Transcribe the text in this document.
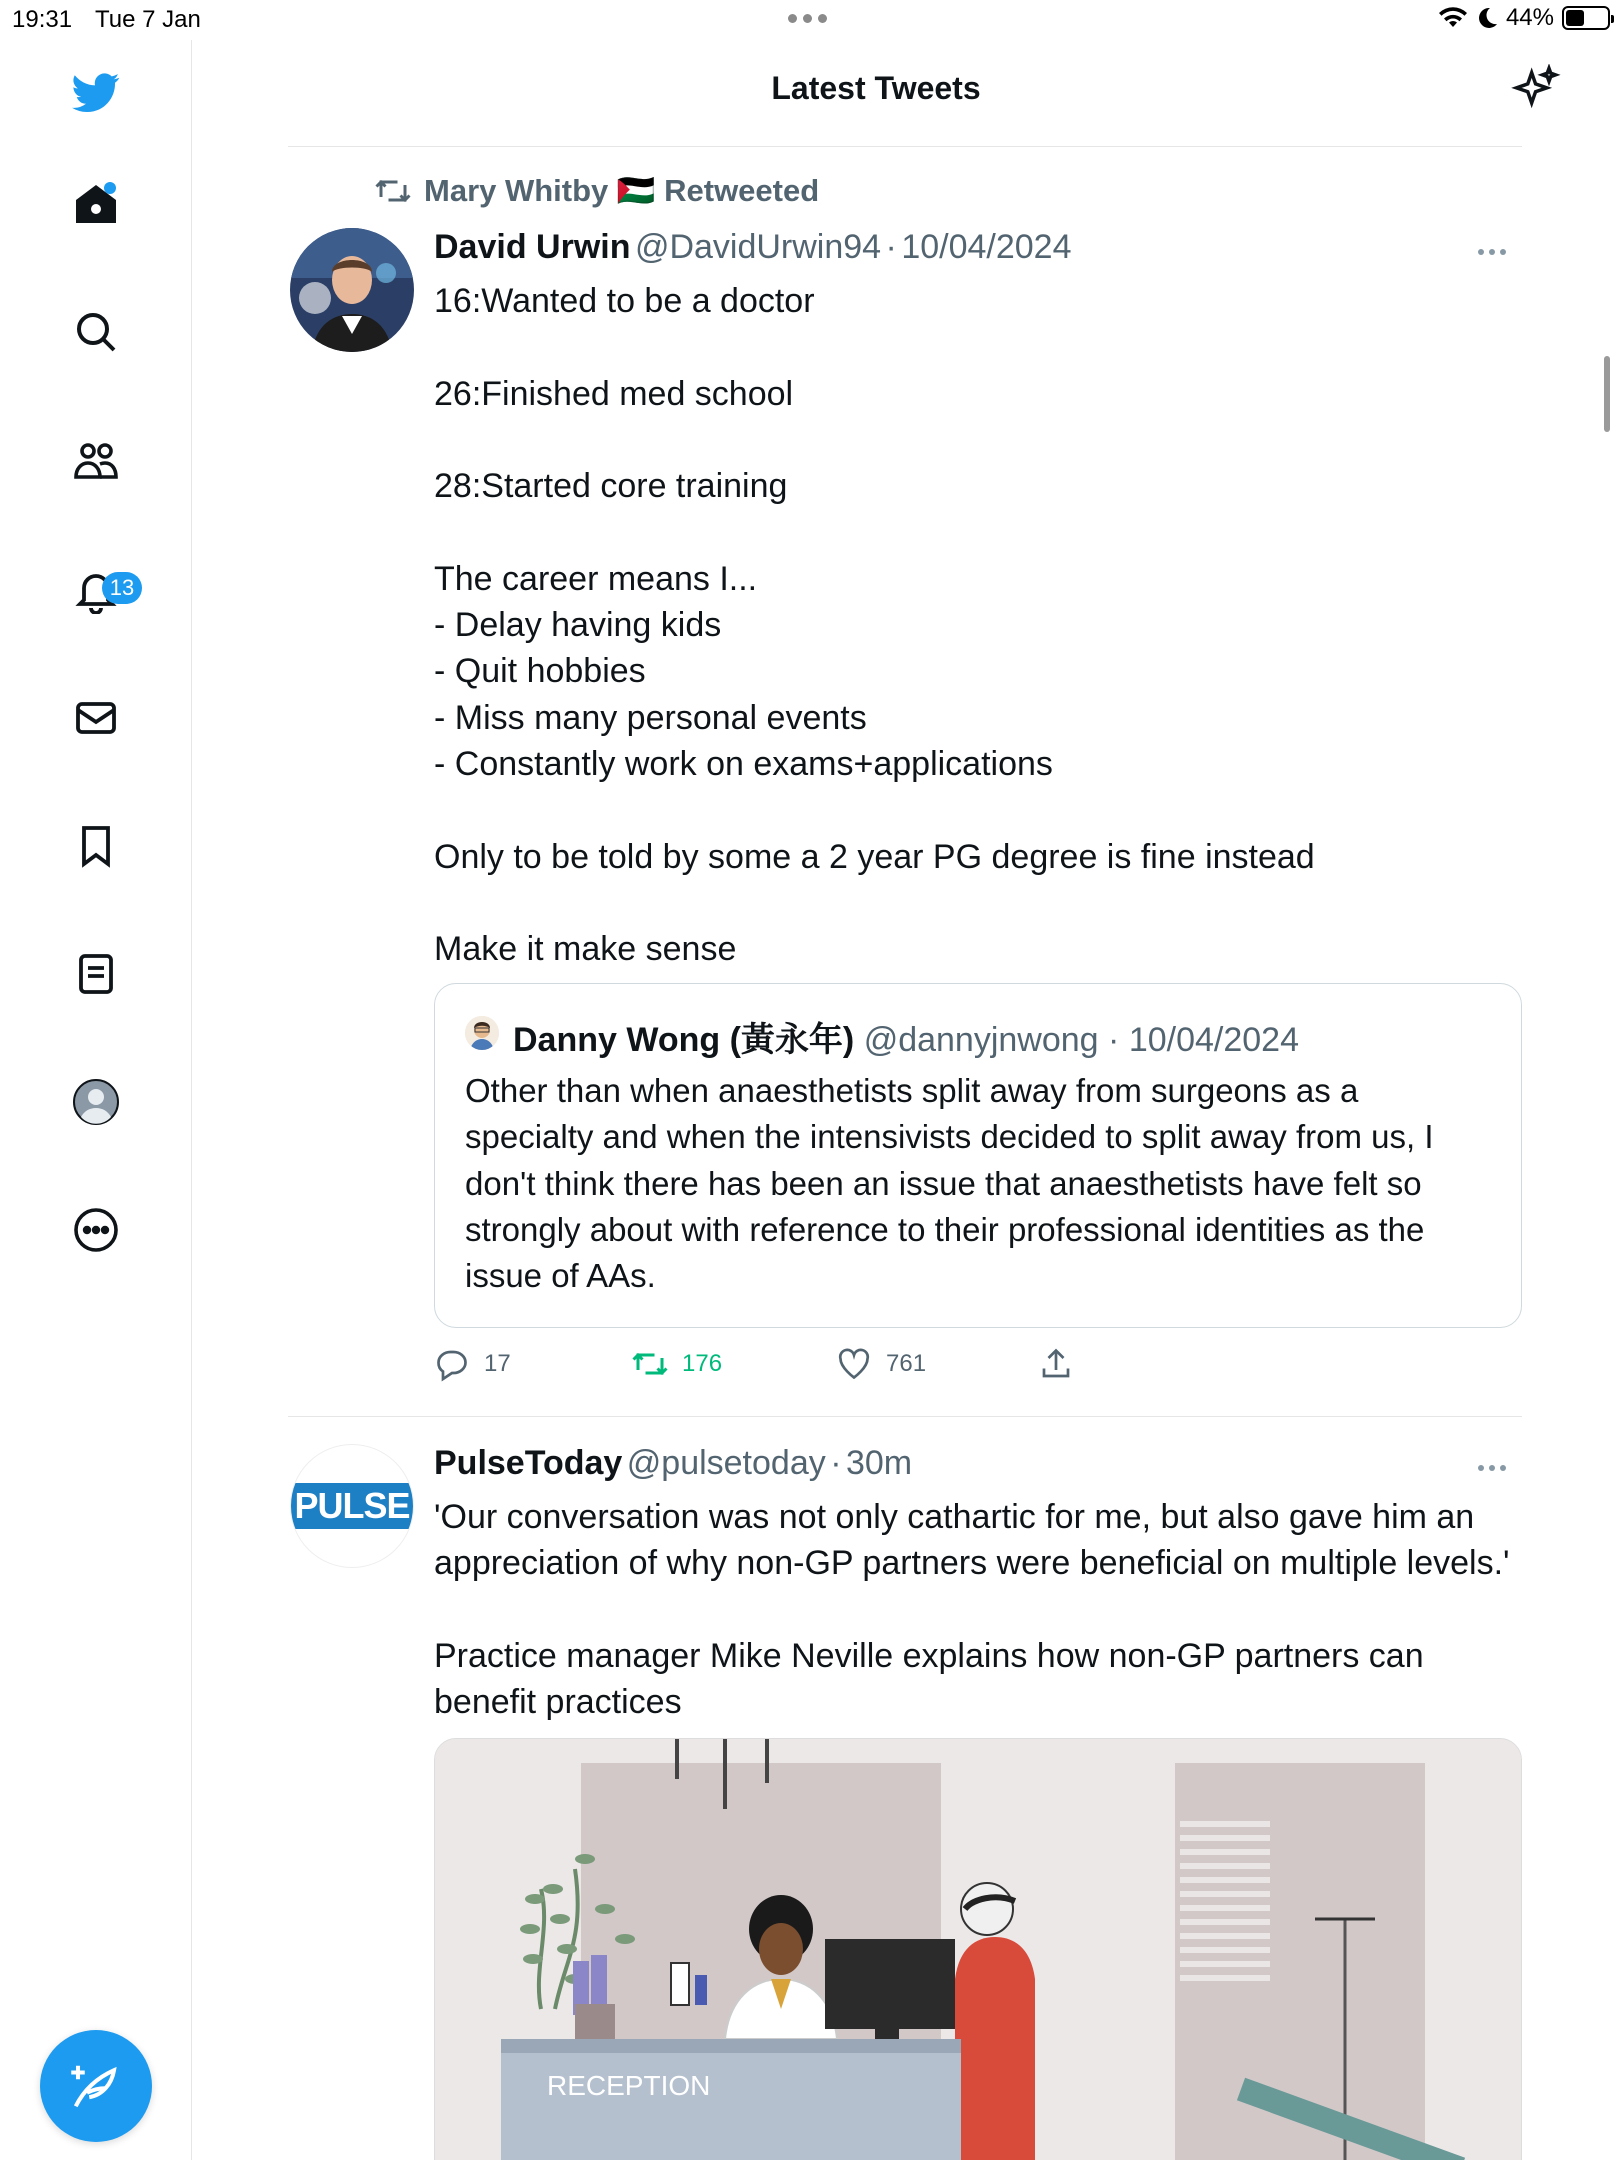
19:31 Tue 7 Jan	44%
13
Latest Tweets
Mary Whitby 🇵🇸 Retweeted
David Urwin @DavidUrwin94 · 10/04/2024
16:Wanted to be a doctor

26:Finished med school

28:Started core training

The career means I...
- Delay having kids
- Quit hobbies
- Miss many personal events
- Constantly work on exams+applications

Only to be told by some a 2 year PG degree is fine instead

Make it make sense
Danny Wong (黃永年) @dannyjnwong · 10/04/2024
Other than when anaesthetists split away from surgeons as a specialty and when the intensivists decided to split away from us, I don't think there has been an issue that anaesthetists have felt so strongly about with reference to their professional identities as the issue of AAs.
17	176	761
PULSE
PulseToday @pulsetoday · 30m
'Our conversation was not only cathartic for me, but also gave him an appreciation of why non-GP partners were beneficial on multiple levels.'

Practice manager Mike Neville explains how non-GP partners can benefit practices
RECEPTION
